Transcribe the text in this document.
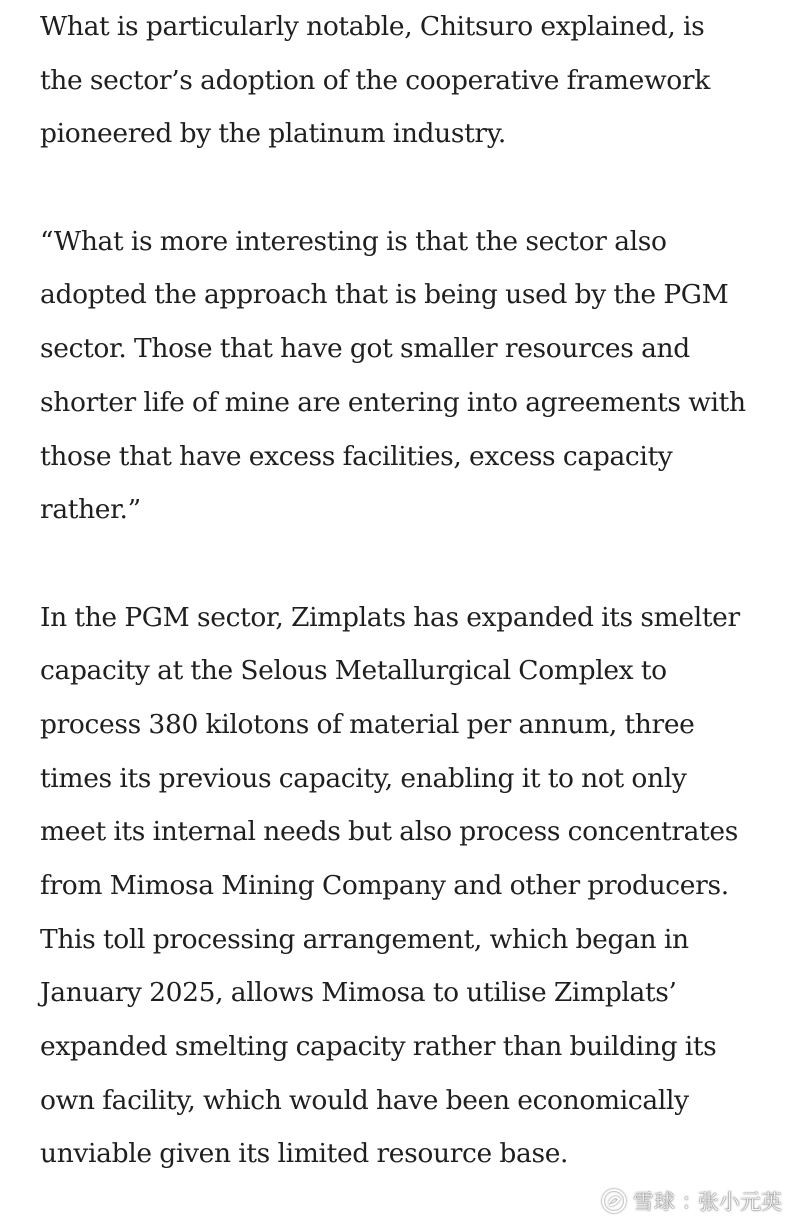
What is particularly notable, Chitsuro explained, is
the sector’s adoption of the cooperative framework
pioneered by the platinum industry.
“What is more interesting is that the sector also
adopted the approach that is being used by the PGM
sector. Those that have got smaller resources and
shorter life of mine are entering into agreements with
those that have excess facilities, excess capacity
rather.”
In the PGM sector, Zimplats has expanded its smelter
capacity at the Selous Metallurgical Complex to
process 380 kilotons of material per annum, three
times its previous capacity, enabling it to not only
meet its internal needs but also process concentrates
from Mimosa Mining Company and other producers.
This toll processing arrangement, which began in
January 2025, allows Mimosa to utilise Zimplats’
expanded smelting capacity rather than building its
own facility, which would have been economically
unviable given its limited resource base.
雪球 : 张小元英
